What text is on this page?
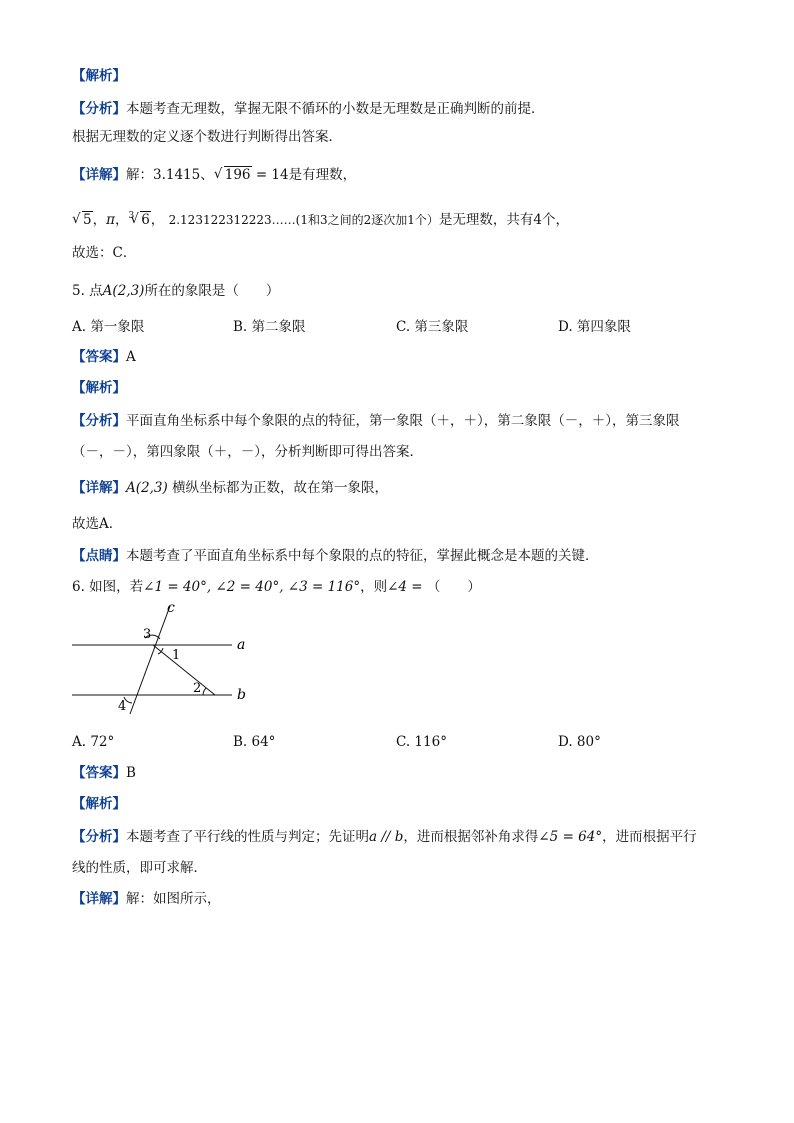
【解析】
【分析】本题考查无理数，掌握无限不循环的小数是无理数是正确判断的前提．
根据无理数的定义逐个数进行判断得出答案．
【详解】解：3.1415、 √ 196 = 14是有理数，
√ 5，π，$^3$ √ 6， 2.123122312223……(1和3之间的2逐次加1个）是无理数，共有4个，
故选：C．
5. 点A(2,3)所在的象限是（　　）
A. 第一象限	B. 第二象限	C. 第三象限	D. 第四象限
【答案】A
【解析】
【分析】平面直角坐标系中每个象限的点的特征，第一象限（＋，＋），第二象限（－，＋），第三象限
（－，－），第四象限（＋，－），分析判断即可得出答案．
【详解】A(2,3) 横纵坐标都为正数，故在第一象限，
故选A．
【点睛】本题考查了平面直角坐标系中每个象限的点的特征，掌握此概念是本题的关键．
6. 如图，若∠1 = 40°, ∠2 = 40°, ∠3 = 116°，则∠4 = （　　）
c
a
b
3
1
2
4
A. 72°	B. 64°	C. 116°	D. 80°
【答案】B
【解析】
【分析】本题考查了平行线的性质与判定；先证明a // b，进而根据邻补角求得∠5 = 64°，进而根据平行
线的性质，即可求解．
【详解】解：如图所示，
